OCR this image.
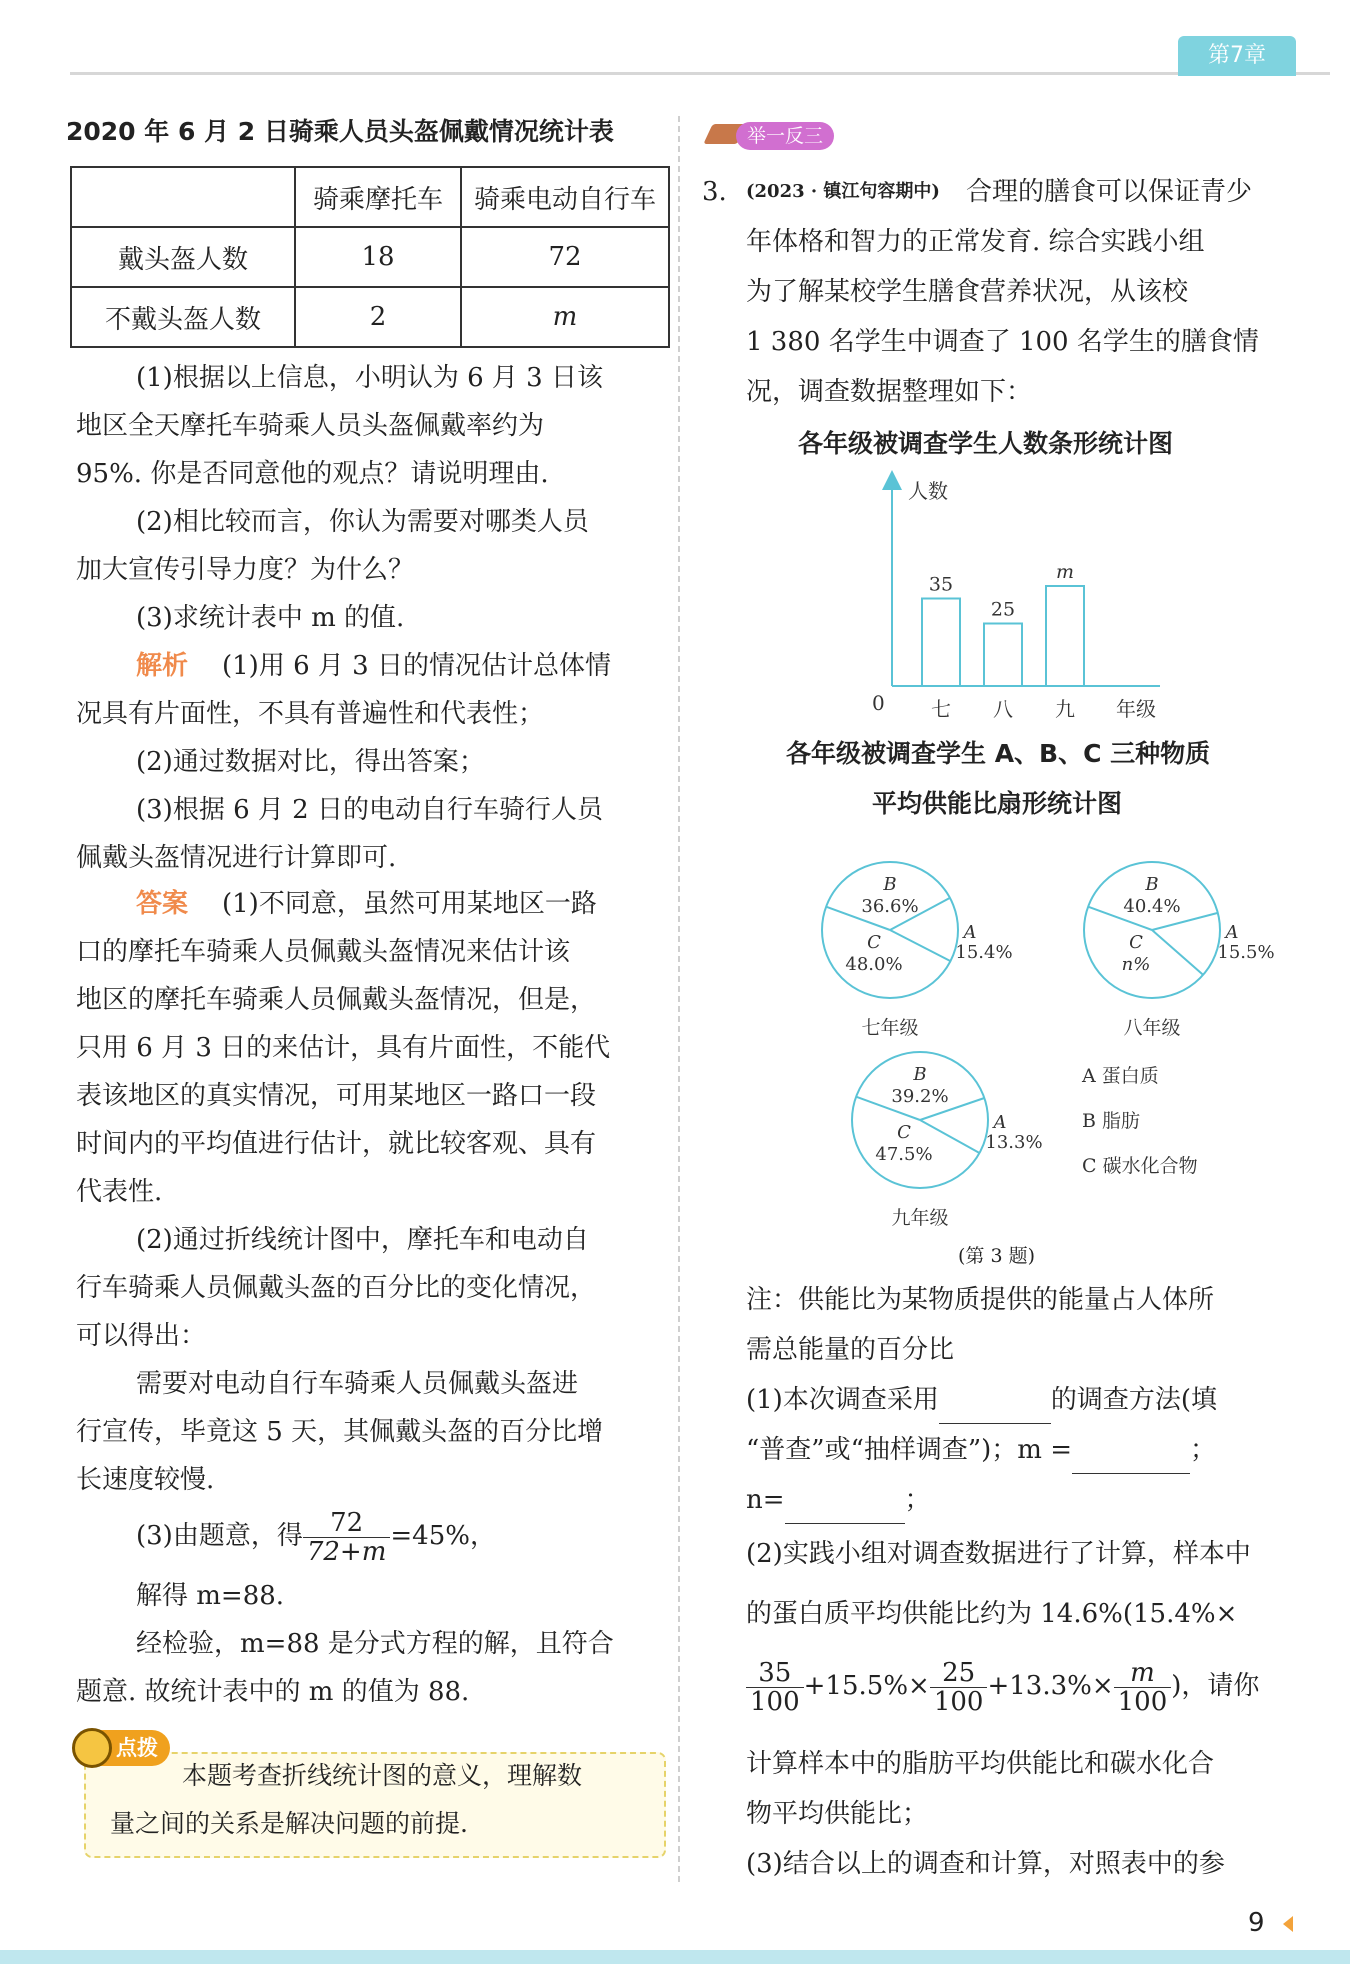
第7章
2020 年 6 月 2 日骑乘人员头盔佩戴情况统计表
	骑乘摩托车	骑乘电动自行车
戴头盔人数	18	72
不戴头盔人数	2	m
(1)根据以上信息，小明认为 6 月 3 日该
地区全天摩托车骑乘人员头盔佩戴率约为
95%. 你是否同意他的观点？请说明理由.
(2)相比较而言，你认为需要对哪类人员
加大宣传引导力度？为什么？
(3)求统计表中 m 的值.
解析 (1)用 6 月 3 日的情况估计总体情
况具有片面性，不具有普遍性和代表性；
(2)通过数据对比，得出答案；
(3)根据 6 月 2 日的电动自行车骑行人员
佩戴头盔情况进行计算即可.
答案 (1)不同意，虽然可用某地区一路
口的摩托车骑乘人员佩戴头盔情况来估计该
地区的摩托车骑乘人员佩戴头盔情况，但是，
只用 6 月 3 日的来估计，具有片面性，不能代
表该地区的真实情况，可用某地区一路口一段
时间内的平均值进行估计，就比较客观、具有
代表性.
(2)通过折线统计图中，摩托车和电动自
行车骑乘人员佩戴头盔的百分比的变化情况，
可以得出：
需要对电动自行车骑乘人员佩戴头盔进
行宣传，毕竟这 5 天，其佩戴头盔的百分比增
长速度较慢.
(3)由题意，得 $\frac{72}{72+m} =45\%$，
解得 m=88.
经检验，m=88 是分式方程的解，且符合
题意. 故统计表中的 m 的值为 88.
点拨
本题考查折线统计图的意义，理解数
量之间的关系是解决问题的前提.
举一反三
3. (2023 · 镇江句容期中) 合理的膳食可以保证青少
年体格和智力的正常发育. 综合实践小组
为了解某校学生膳食营养状况，从该校
1 380 名学生中调查了 100 名学生的膳食情
况，调查数据整理如下：
各年级被调查学生人数条形统计图
人数
0	年级
35
七
25
八
m
九
各年级被调查学生 A、B、C 三种物质
平均供能比扇形统计图
B
36.6%
C
48.0%
A
15.4%
七年级
B
40.4%
C
n%
A
15.5%
八年级
B
39.2%
C
47.5%
A
13.3%
九年级
A 蛋白质
B 脂肪
C 碳水化合物
(第 3 题)
注：供能比为某物质提供的能量占人体所
需总能量的百分比
(1)本次调查采用	的调查方法(填
“普查”或“抽样调查”)；m =	；
n=	；
(2)实践小组对调查数据进行了计算，样本中
的蛋白质平均供能比约为 14.6%(15.4%×
$\frac{35}{100} +15.5\%\times \frac{25}{100} +13.3\%\times \frac{m}{100}$ )，请你
计算样本中的脂肪平均供能比和碳水化合
物平均供能比；
(3)结合以上的调查和计算，对照表中的参
9
